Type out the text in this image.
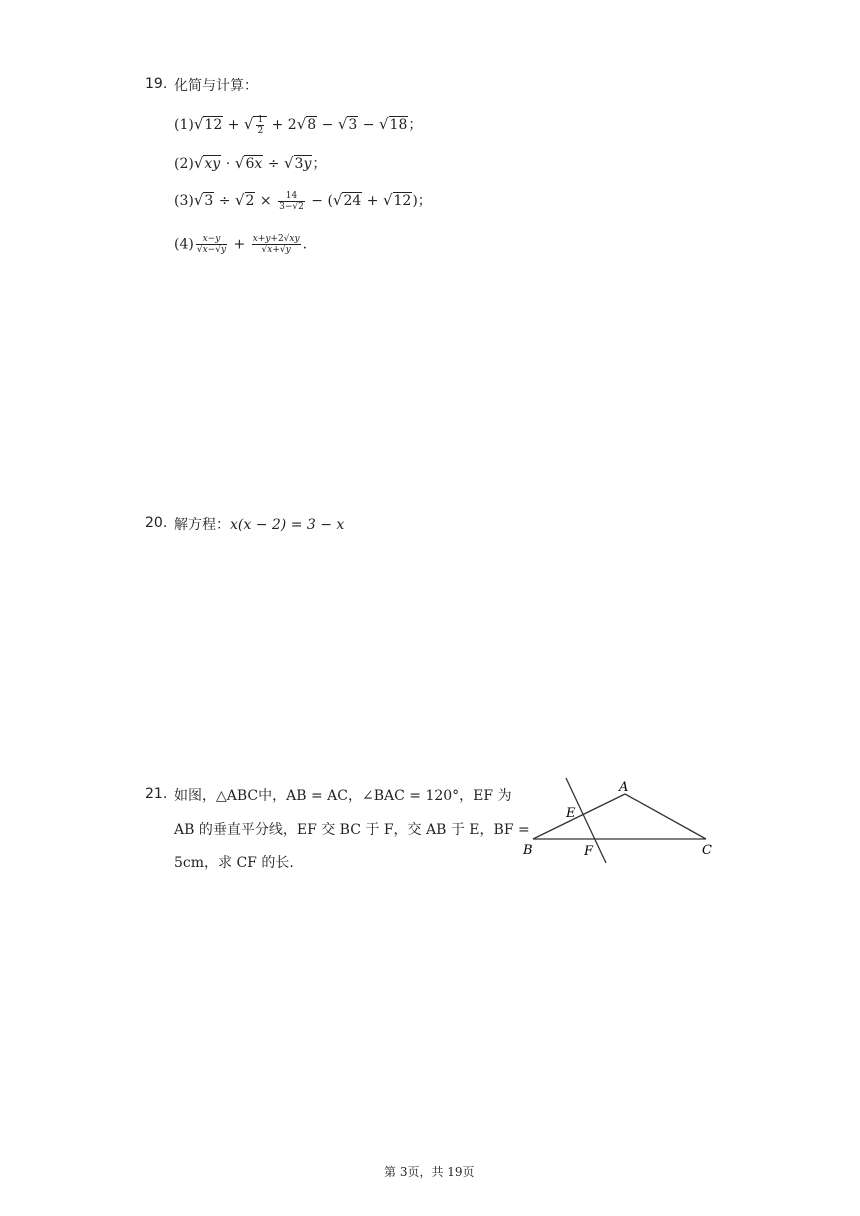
19. 化简与计算：
(1)√12 + √ $\frac{1}{2} + 2√8 - √3 - √18$；
(2)√xy ⋅ √6x ÷ √3y；
$(3)√3 \div √2 \times \frac{14}{3-√2} - (√24 + √12)$；
$(4) \frac{x-y}{√x-√y} + \frac{x+y+2√xy}{√x+√y}$ .
20. 解方程：x(x − 2) = 3 − x
21. 如图，△ABC中，AB = AC，∠BAC = 120°，EF 为
AB 的垂直平分线，EF 交 BC 于 F，交 AB 于 E，BF =
5cm，求 CF 的长.
A
B	C
E
F
第 3页，共 19页
